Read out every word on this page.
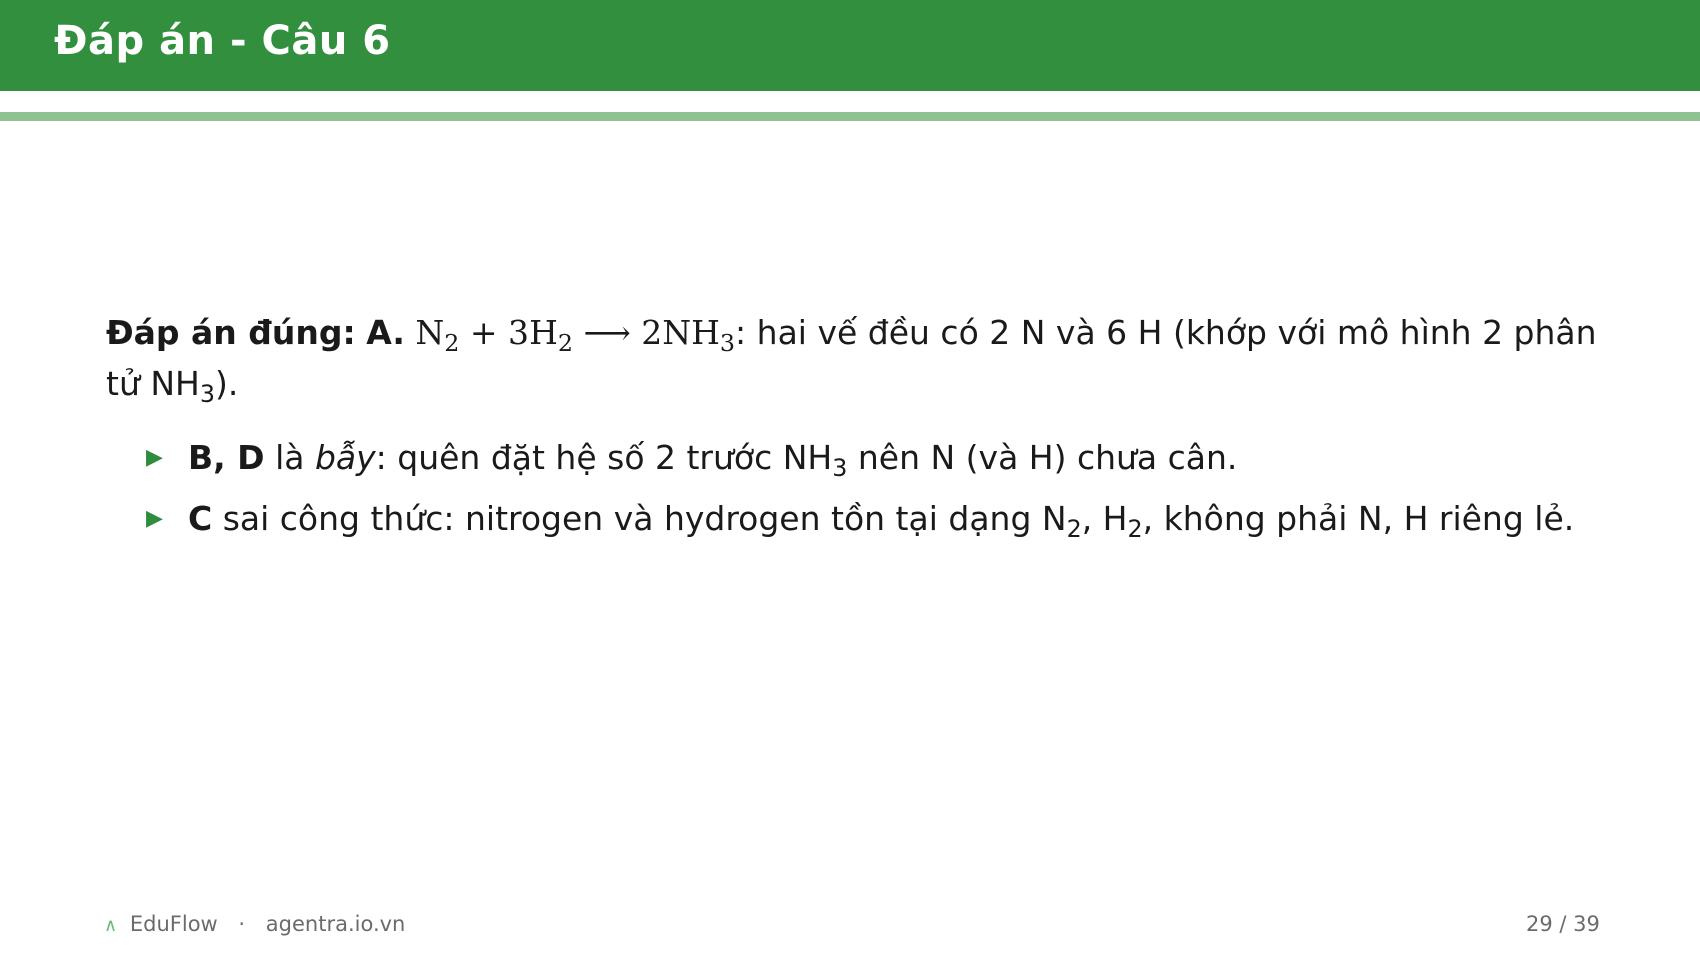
Đáp án - Câu 6

Đáp án đúng: A. $N_2 + 3H_2$ ⟶ $2NH_3$: hai vế đều có 2 N và 6 H (khớp với mô hình 2 phân tử $NH_3$).

▶ B, D là bẫy: quên đặt hệ số 2 trước $NH_3$ nên N (và H) chưa cân.
▶ C sai công thức: nitrogen và hydrogen tồn tại dạng $N_2$, $H_2$, không phải N, H riêng lẻ.
∧ EduFlow · agentra.io.vn	29 / 39
